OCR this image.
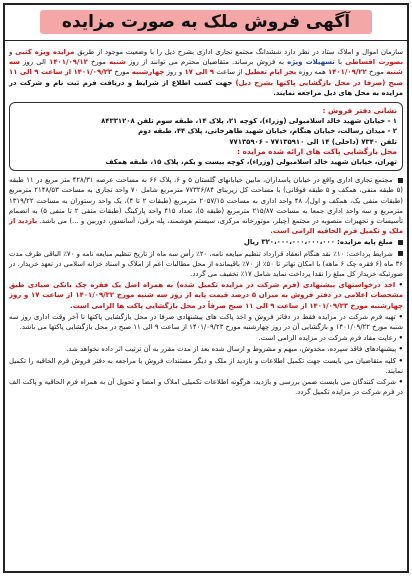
آگهی فروش ملک به صورت مزایده

سازمان اموال و املاک ستاد در نظر دارد ششدانگ مجتمع تجاری اداری بشرح ذیل را با وضعیت موجود از طریق مزایده ویژه کتبی و بصورت اقساطی با تسهیلات ویژه به فروش برساند. متقاضیان محترم می توانند از روز شنبه مورخ ۱۴۰۱/۰۹/۱۲ الی روز سه شنبه مورخ ۱۴۰۱/۰۹/۲۲ همه روزه بجز ایام تعطیل از ساعت ۹ الی ۱۷ و روز چهارشنبه مورخ ۱۴۰۱/۰۹/۲۳ از ساعت ۹ الی ۱۱ صبح (صرفا در محل بازگشایی پاکتها بشرح ذیل) جهت کسب اطلاع از شرایط و دریافت فرم ثبت نام و شرکت در مزایده به محل های ذیل مراجعه نمایند.

نشانی دفتر فروش :
۱ - خیابان شهید خالد اسلامبولی (وزراء)، کوچه ۲۱، پلاک ۱۴، طبقه سوم تلفن ۸۴۳۳۱۲۰۸
۲ - میدان رسالت، خیابان هنگام، خیابان شهید طاهرخانی، پلاک ۴۴، طبقه دوم
تلفن ۷۳۴۰ (داخلی) ۱۴ الی ۷۷۱۳۵۹۱۰ - ۷۷۱۳۵۹۰۶
محل بازگشایی پاکت های ارائه شده مزایده :
تهران، خیابان شهید خالد اسلامبولی (وزراء)، کوچه بیست و یکم، پلاک ۱۵، طبقه همکف

مجتمع تجاری اداری واقع در خیابان پاسداران، مابین خیابانهای گلستان ۵ و ۶، پلاک ۶۶ به مساحت عرصه ۴۲۸/۳۱ متر مربع در ۱۱ طبقه (۵ طبقه منفی، همکف و ۵ طبقه فوقانی) با مساحت کل زیربنای ۷۷۳۲۶/۸۴ مترمربع شامل ۷۰ واحد تجاری به مساحت ۲۱۴۸/۵۳ مترمربع (طبقات منفی یک، همکف و اول)، ۴۸ واحد اداری به مساحت ۲۰۵۷/۱۵ مترمربع (طبقات ۲ تا ۴)، یک واحد رستوران به مساحت ۱۳۱۹/۲۲ مترمربع و سه واحد اداری جمعا به مساحت ۲۱۵/۸۷ مترمربع (طبقه ۵)، تعداد ۴۱۵ واحد پارکینگ (طبقات منفی ۲ تا منفی ۵) به انضمام تأسیسات و تجهیزات منصوبه در مجتمع (چیلر، موتورخانه مرکزی، سیستم هوشمند، پله برقی، آسانسور، دوربین و ...) می باشد. بازدید از ملک و تکمیل فرم الحاقیه الزامی است.

مبلغ پایه مزایده: ۳۲۰،۰۰۰،۰۰۰،۰۰۰،۰۰۰ ریال

شرایط پرداخت: ۱۰٪ نقد هنگام انعقاد قرارداد تنظیم مبایعه نامه، ۲۰٪ رأس سه ماه از تاریخ تنظیم مبایعه نامه و ۷۰٪ الباقی ظرف مدت ۳۶ ماه (۶ فقره چک ۶ ماهه) با امکان تهاتر تا ۵۰٪ از ۷۰٪ باقیمانده از محل مطالبات اعم از املاک و اسناد خزانه اسلامی در تعهد خریدار. در صورتیکه خریدار کل مبلغ را نقدا پرداخت نماید شامل ۱۷٪ تخفیف می گردد.

• اخذ درخواستهای پیشنهادی (فرم شرکت در مزایده تکمیل شده) به همراه اصل یک فقره چک بانکی صیادی طبق مشخصات اعلامی در دفتر فروش به میزان ۵ درصد قیمت پایه از روز سه شنبه مورخ ۱۴۰۱/۰۹/۲۲ از ساعت ۱۷ و روز چهارشنبه مورخ ۱۴۰۱/۰۹/۲۳ از ساعت ۹ الی ۱۱ صبح صرفاً در محل بازگشایی پاکت ها الزامی است.

• تهیه فرم شرکت در مزایده فقط در دفاتر فروش و اخذ پاکت های پیشنهادی صرفا در محل بازگشایی پاکتها تا آخر وقت اداری روز سه شنبه مورخ ۱۴۰۱/۰۹/۲۲ و بازگشایی آن در روز چهارشنبه مورخ ۱۴۰۱/۰۹/۲۳ از ساعت ۹ الی ۱۱ صبح در محل بازگشایی پاکتها می باشد.

• رعایت مفاد فرم شرکت در مزایده الزامی است.

• پیشنهادهای فاقد سپرده، مخدوش، مبهم و مشروط و ارسال شده بعد از مدت مقرر به آن ترتیب اثر داده نخواهد شد.

• کلیه متقاضیان می بایست جهت تکمیل اطلاعات و بازدید از ملک و دیگر مستندات فروش با مراجعه به دفتر فروش فرم الحاقیه را تکمیل نمایند.

• شرکت کنندگان می بایست ضمن بررسی و بازدید، هرگونه اطلاعات تکمیلی املاک و امضا و تحویل آن به همراه فرم الحاقیه و پاکت الف در فرم شرکت در مزایده تکمیل گردد.
